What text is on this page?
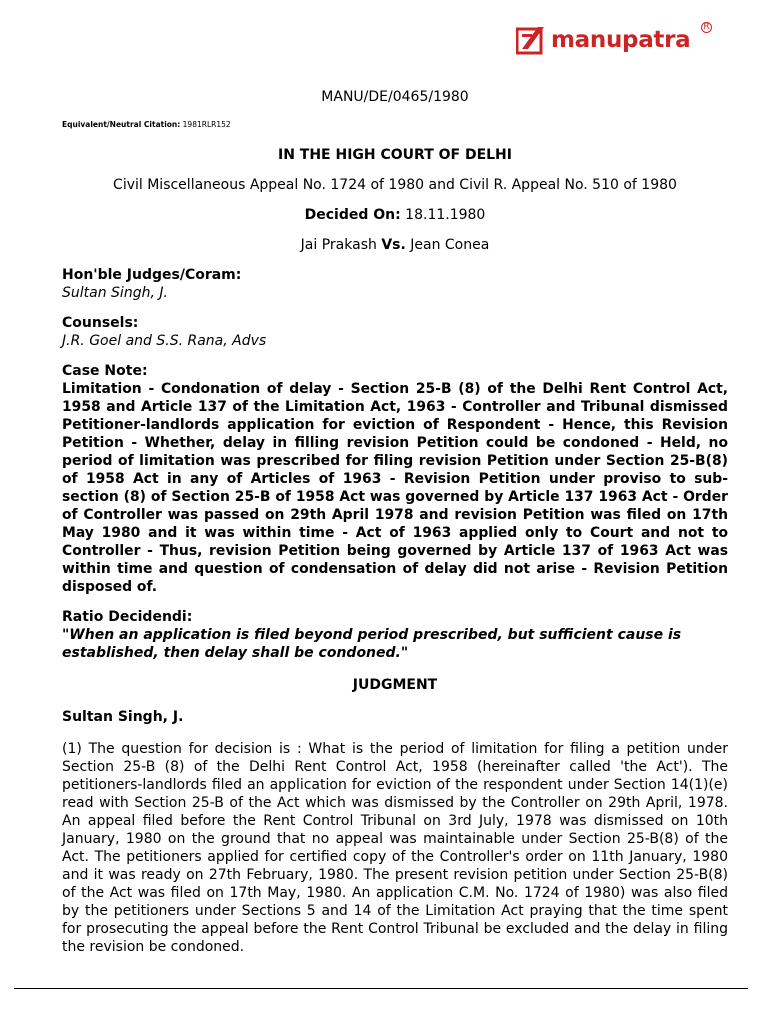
manupatra R
MANU/DE/0465/1980
Equivalent/Neutral Citation: 1981RLR152
IN THE HIGH COURT OF DELHI
Civil Miscellaneous Appeal No. 1724 of 1980 and Civil R. Appeal No. 510 of 1980
Decided On: 18.11.1980
Jai Prakash Vs. Jean Conea
Hon'ble Judges/Coram:
Sultan Singh, J.
Counsels:
J.R. Goel and S.S. Rana, Advs
Case Note:
Limitation - Condonation of delay - Section 25-B (8) of the Delhi Rent Control Act, 1958 and Article 137 of the Limitation Act, 1963 - Controller and Tribunal dismissed Petitioner-landlords application for eviction of Respondent - Hence, this Revision Petition - Whether, delay in filling revision Petition could be condoned - Held, no period of limitation was prescribed for filing revision Petition under Section 25-B(8) of 1958 Act in any of Articles of 1963 - Revision Petition under proviso to sub-section (8) of Section 25-B of 1958 Act was governed by Article 137 1963 Act - Order of Controller was passed on 29th April 1978 and revision Petition was filed on 17th May 1980 and it was within time - Act of 1963 applied only to Court and not to Controller - Thus, revision Petition being governed by Article 137 of 1963 Act was within time and question of condensation of delay did not arise - Revision Petition disposed of.
Ratio Decidendi:
"When an application is filed beyond period prescribed, but sufficient cause is established, then delay shall be condoned."
JUDGMENT
Sultan Singh, J.
(1) The question for decision is : What is the period of limitation for filing a petition under Section 25-B (8) of the Delhi Rent Control Act, 1958 (hereinafter called 'the Act'). The petitioners-landlords filed an application for eviction of the respondent under Section 14(1)(e) read with Section 25-B of the Act which was dismissed by the Controller on 29th April, 1978. An appeal filed before the Rent Control Tribunal on 3rd July, 1978 was dismissed on 10th January, 1980 on the ground that no appeal was maintainable under Section 25-B(8) of the Act. The petitioners applied for certified copy of the Controller's order on 11th January, 1980 and it was ready on 27th February, 1980. The present revision petition under Section 25-B(8) of the Act was filed on 17th May, 1980. An application C.M. No. 1724 of 1980) was also filed by the petitioners under Sections 5 and 14 of the Limitation Act praying that the time spent for prosecuting the appeal before the Rent Control Tribunal be excluded and the delay in filing the revision be condoned.
